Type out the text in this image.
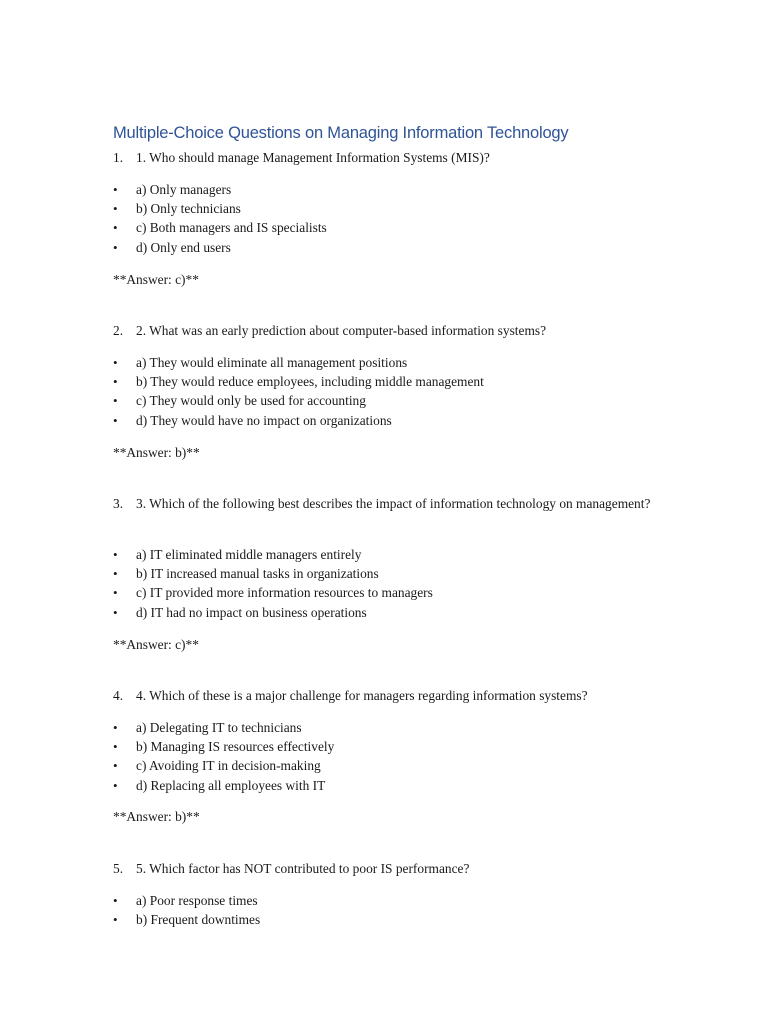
Multiple-Choice Questions on Managing Information Technology
1. 1. Who should manage Management Information Systems (MIS)?
• a) Only managers
• b) Only technicians
• c) Both managers and IS specialists
• d) Only end users
**Answer: c)**
2. 2. What was an early prediction about computer-based information systems?
• a) They would eliminate all management positions
• b) They would reduce employees, including middle management
• c) They would only be used for accounting
• d) They would have no impact on organizations
**Answer: b)**
3. 3. Which of the following best describes the impact of information technology on management?
• a) IT eliminated middle managers entirely
• b) IT increased manual tasks in organizations
• c) IT provided more information resources to managers
• d) IT had no impact on business operations
**Answer: c)**
4. 4. Which of these is a major challenge for managers regarding information systems?
• a) Delegating IT to technicians
• b) Managing IS resources effectively
• c) Avoiding IT in decision-making
• d) Replacing all employees with IT
**Answer: b)**
5. 5. Which factor has NOT contributed to poor IS performance?
• a) Poor response times
• b) Frequent downtimes
